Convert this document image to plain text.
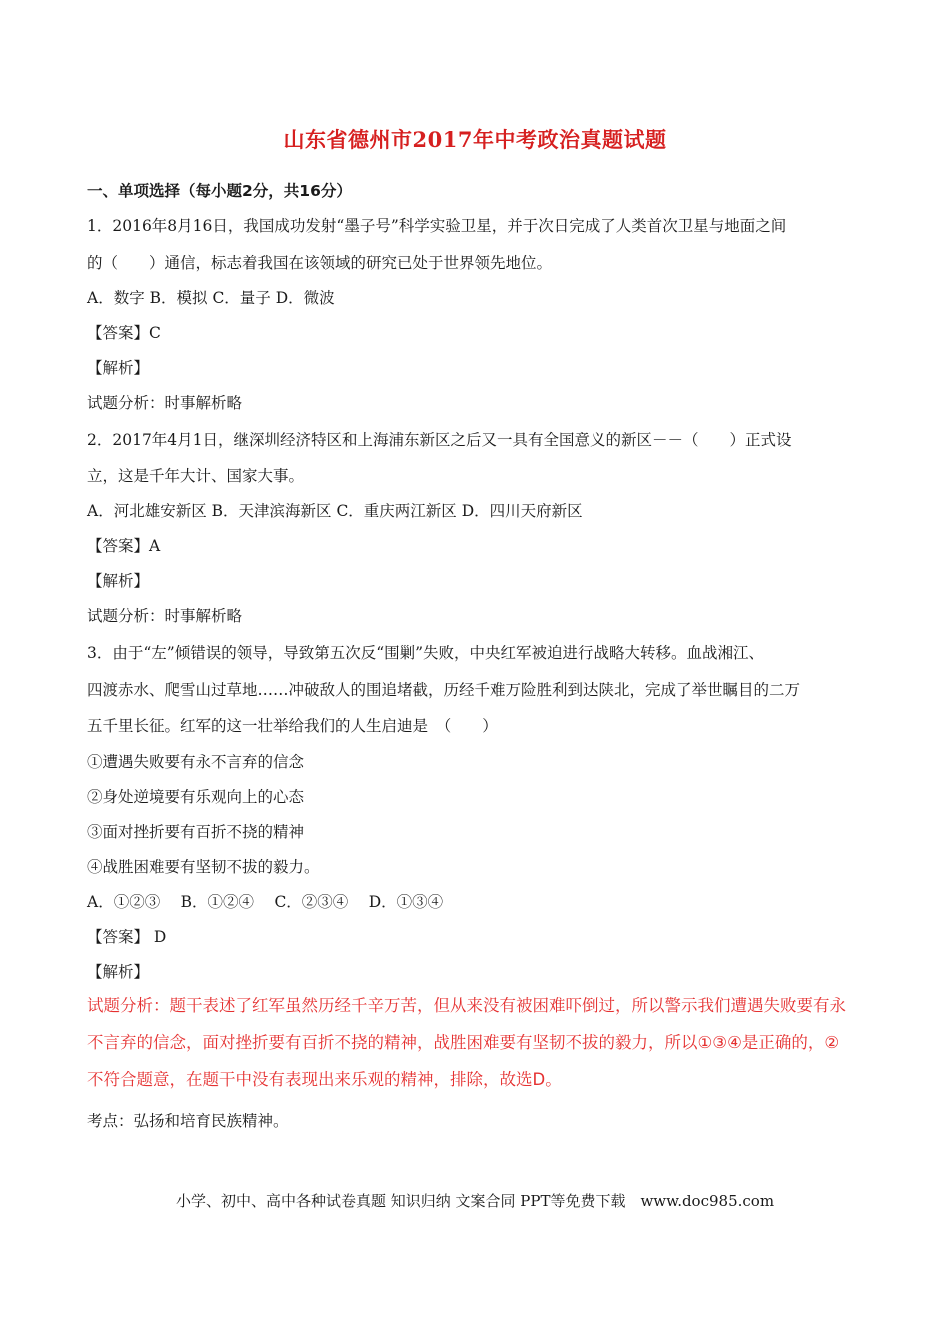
山东省德州市2017年中考政治真题试题
一、单项选择（每小题2分，共16分）
1．2016年8月16日，我国成功发射“墨子号”科学实验卫星，并于次日完成了人类首次卫星与地面之间
的（　　）通信，标志着我国在该领域的研究已处于世界领先地位。
A．数字 B．模拟 C．量子 D．微波
【答案】C
【解析】
试题分析：时事解析略
2．2017年4月1日，继深圳经济特区和上海浦东新区之后又一具有全国意义的新区－－（　　）正式设
立，这是千年大计、国家大事。
A．河北雄安新区 B．天津滨海新区 C．重庆两江新区 D．四川天府新区
【答案】A
【解析】
试题分析：时事解析略
3．由于“左”倾错误的领导，导致第五次反“围剿”失败，中央红军被迫进行战略大转移。血战湘江、
四渡赤水、爬雪山过草地……冲破敌人的围追堵截，历经千难万险胜利到达陕北，完成了举世瞩目的二万
五千里长征。红军的这一壮举给我们的人生启迪是　（　　）
①遭遇失败要有永不言弃的信念
②身处逆境要有乐观向上的心态
③面对挫折要有百折不挠的精神
④战胜困难要有坚韧不拔的毅力。
A．①②③　 B．①②④　 C．②③④　 D．①③④
【答案】 D
【解析】
试题分析：题干表述了红军虽然历经千辛万苦，但从来没有被困难吓倒过，所以警示我们遭遇失败要有永
不言弃的信念，面对挫折要有百折不挠的精神，战胜困难要有坚韧不拔的毅力，所以①③④是正确的，②
不符合题意，在题干中没有表现出来乐观的精神，排除，故选D。
考点：弘扬和培育民族精神。
小学、初中、高中各种试卷真题 知识归纳 文案合同 PPT等免费下载　www.doc985.com
